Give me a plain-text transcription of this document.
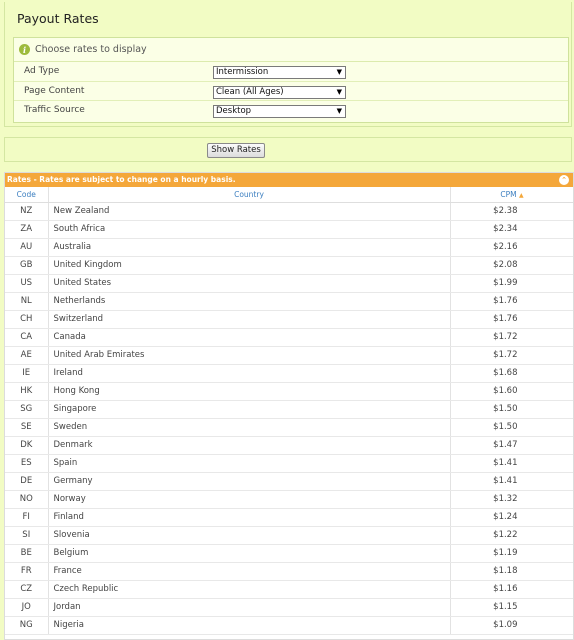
Payout Rates
i Choose rates to display
Ad Type	Intermission	▼
Page Content	Clean (All Ages)	▼
Traffic Source	Desktop	▼
Show Rates
Rates - Rates are subject to change on a hourly basis.	⌃
Code	Country	CPM ▲
NZ	New Zealand	$2.38
ZA	South Africa	$2.34
AU	Australia	$2.16
GB	United Kingdom	$2.08
US	United States	$1.99
NL	Netherlands	$1.76
CH	Switzerland	$1.76
CA	Canada	$1.72
AE	United Arab Emirates	$1.72
IE	Ireland	$1.68
HK	Hong Kong	$1.60
SG	Singapore	$1.50
SE	Sweden	$1.50
DK	Denmark	$1.47
ES	Spain	$1.41
DE	Germany	$1.41
NO	Norway	$1.32
FI	Finland	$1.24
SI	Slovenia	$1.22
BE	Belgium	$1.19
FR	France	$1.18
CZ	Czech Republic	$1.16
JO	Jordan	$1.15
NG	Nigeria	$1.09
